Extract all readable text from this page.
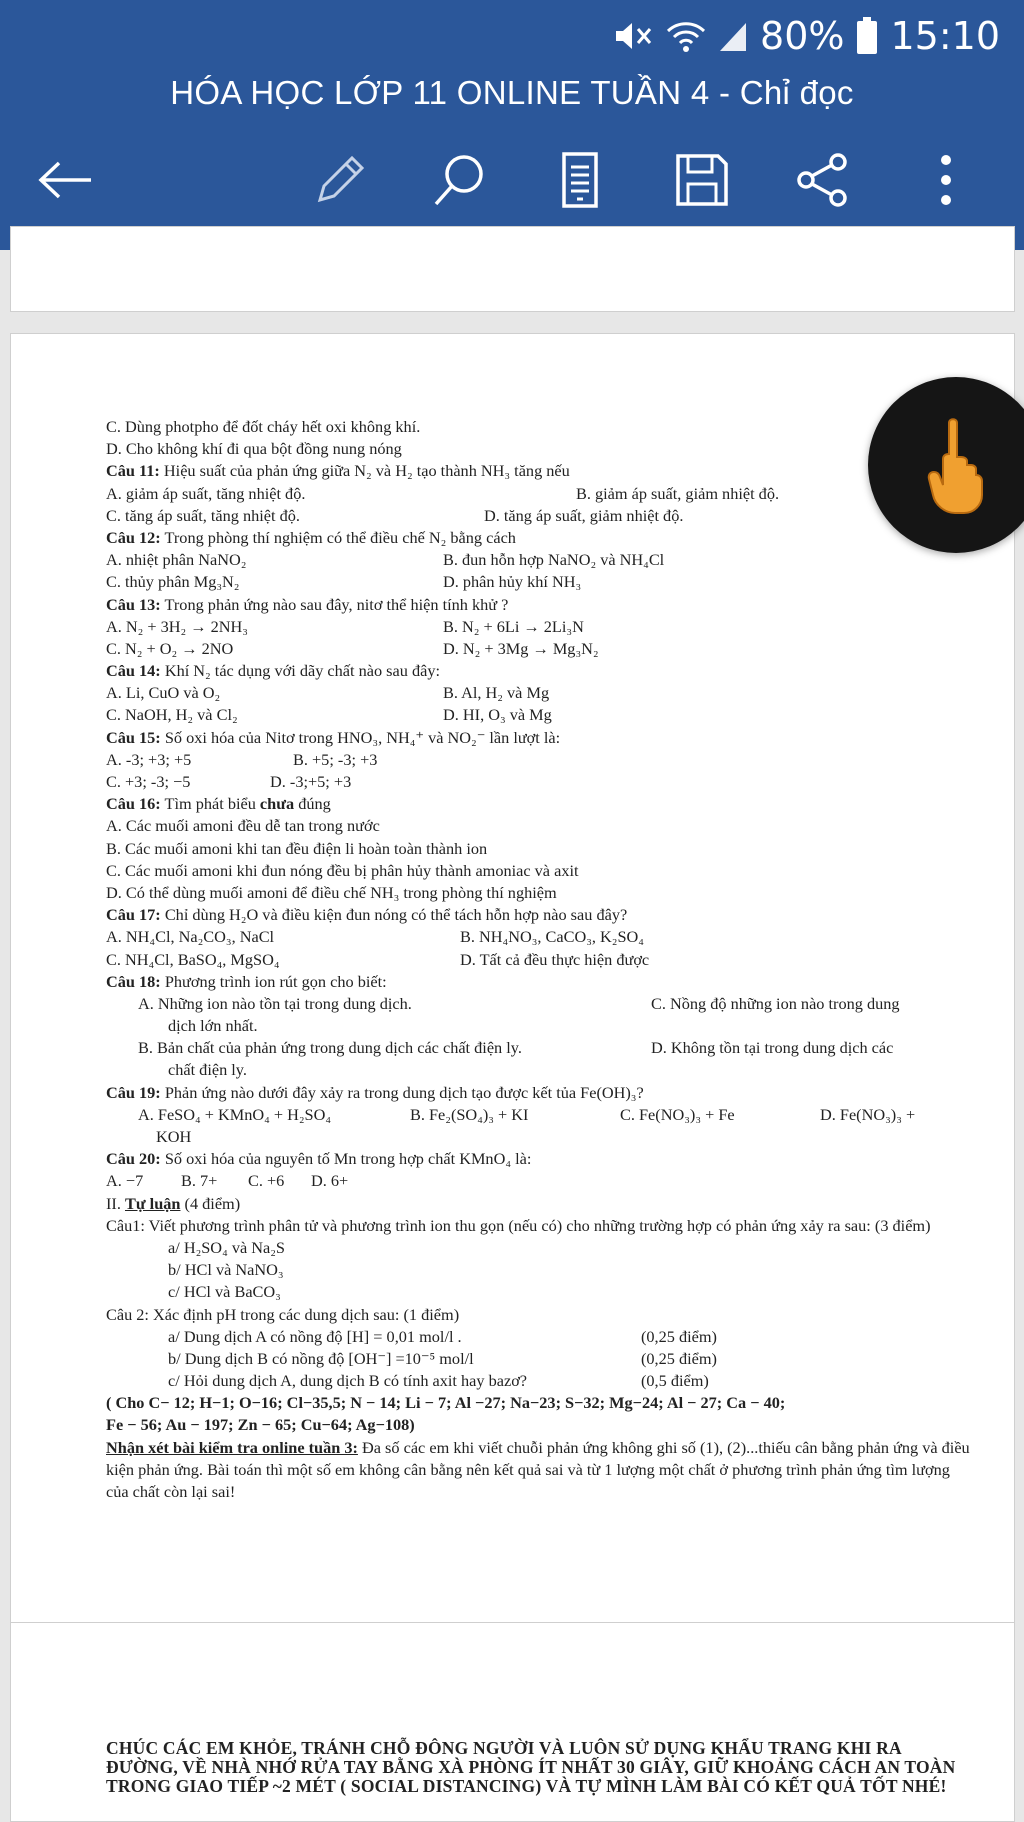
80% 15:10
HÓA HỌC LỚP 11 ONLINE TUẦN 4 - Chỉ đọc
C. Dùng photpho để đốt cháy hết oxi không khí.
D. Cho không khí đi qua bột đồng nung nóng
Câu 11: Hiệu suất của phản ứng giữa N₂ và H₂ tạo thành NH₃ tăng nếu
A. giảm áp suất, tăng nhiệt độ.	B. giảm áp suất, giảm nhiệt độ.
C. tăng áp suất, tăng nhiệt độ.	D. tăng áp suất, giảm nhiệt độ.
Câu 12: Trong phòng thí nghiệm có thể điều chế N₂ bằng cách
A. nhiệt phân NaNO₂	B. đun hỗn hợp NaNO₂ và NH₄Cl
C. thủy phân Mg₃N₂	D. phân hủy khí NH₃
Câu 13: Trong phản ứng nào sau đây, nitơ thể hiện tính khử ?
A. N₂ + 3H₂ → 2NH₃	B. N₂ + 6Li → 2Li₃N
C. N₂ + O₂ → 2NO	D. N₂ + 3Mg → Mg₃N₂
Câu 14: Khí N₂ tác dụng với dãy chất nào sau đây:
A. Li, CuO và O₂	B. Al, H₂ và Mg
C. NaOH, H₂ và Cl₂	D. HI, O₃ và Mg
Câu 15: Số oxi hóa của Nitơ trong HNO₃, NH₄⁺ và NO₂⁻ lần lượt là:
A. -3; +3; +5	B. +5; -3; +3
C. +3; -3; −5	D. -3;+5; +3
Câu 16: Tìm phát biểu chưa đúng
A. Các muối amoni đều dễ tan trong nước
B. Các muối amoni khi tan đều điện li hoàn toàn thành ion
C. Các muối amoni khi đun nóng đều bị phân hủy thành amoniac và axit
D. Có thể dùng muối amoni để điều chế NH₃ trong phòng thí nghiệm
Câu 17: Chỉ dùng H₂O và điều kiện đun nóng có thể tách hỗn hợp nào sau đây?
A. NH₄Cl, Na₂CO₃, NaCl	B. NH₄NO₃, CaCO₃, K₂SO₄
C. NH₄Cl, BaSO₄, MgSO₄	D. Tất cả đều thực hiện được
Câu 18: Phương trình ion rút gọn cho biết:
A. Những ion nào tồn tại trong dung dịch.	C. Nồng độ những ion nào trong dung
dịch lớn nhất.
B. Bản chất của phản ứng trong dung dịch các chất điện ly.	D. Không tồn tại trong dung dịch các
chất điện ly.
Câu 19: Phản ứng nào dưới đây xảy ra trong dung dịch tạo được kết tủa Fe(OH)₃?
A. FeSO₄ + KMnO₄ + H₂SO₄	B. Fe₂(SO₄)₃ + KI	C. Fe(NO₃)₃ + Fe	D. Fe(NO₃)₃ +
KOH
Câu 20: Số oxi hóa của nguyên tố Mn trong hợp chất KMnO₄ là:
A. −7 B. 7+ C. +6 D. 6+
II. Tự luận (4 điểm)
Câu1: Viết phương trình phân tử và phương trình ion thu gọn (nếu có) cho những trường hợp có phản ứng xảy ra sau: (3 điểm)
a/ H₂SO₄ và Na₂S
b/ HCl và NaNO₃
c/ HCl và BaCO₃
Câu 2: Xác định pH trong các dung dịch sau: (1 điểm)
a/ Dung dịch A có nồng độ [H] = 0,01 mol/l .	(0,25 điểm)
b/ Dung dịch B có nồng độ [OH⁻] =10⁻⁵ mol/l	(0,25 điểm)
c/ Hỏi dung dịch A, dung dịch B có tính axit hay bazơ?	(0,5 điểm)
( Cho C− 12; H−1; O−16; Cl−35,5; N − 14; Li − 7; Al −27; Na−23; S−32; Mg−24; Al − 27; Ca − 40;
Fe − 56; Au − 197; Zn − 65; Cu−64; Ag−108)
Nhận xét bài kiểm tra online tuần 3: Đa số các em khi viết chuỗi phản ứng không ghi số (1), (2)...thiếu cân bằng phản ứng và điều kiện phản ứng. Bài toán thì một số em không cân bằng nên kết quả sai và từ 1 lượng một chất ở phương trình phản ứng tìm lượng của chất còn lại sai!
CHÚC CÁC EM KHỎE, TRÁNH CHỖ ĐÔNG NGƯỜI VÀ LUÔN SỬ DỤNG KHẨU TRANG KHI RA ĐƯỜNG, VỀ NHÀ NHỚ RỬA TAY BẰNG XÀ PHÒNG ÍT NHẤT 30 GIÂY, GIỮ KHOẢNG CÁCH AN TOÀN TRONG GIAO TIẾP ~2 MÉT ( SOCIAL DISTANCING) VÀ TỰ MÌNH LÀM BÀI CÓ KẾT QUẢ TỐT NHÉ!
